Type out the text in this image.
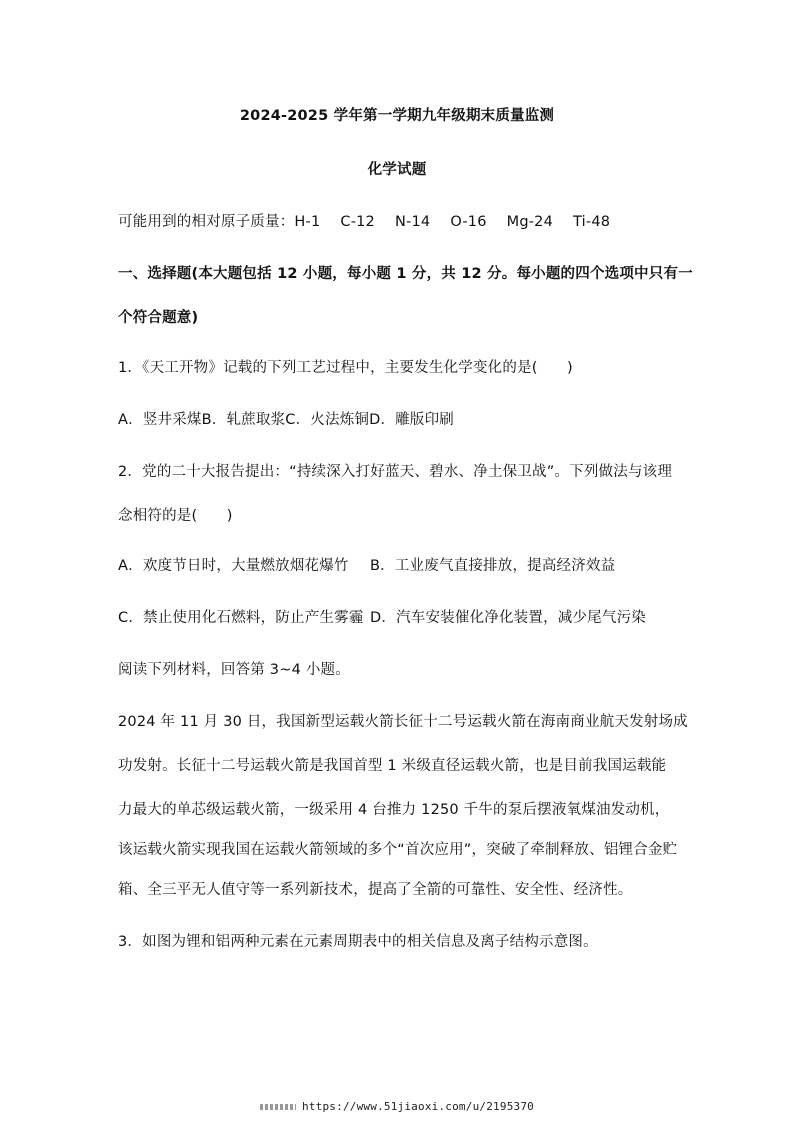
2024-2025 学年第一学期九年级期末质量监测
化学试题
可能用到的相对原子质量：H-1 C-12 N-14 O-16 Mg-24 Ti-48
一、选择题(本大题包括 12 小题，每小题 1 分，共 12 分。每小题的四个选项中只有一
个符合题意)
1．《天工开物》记载的下列工艺过程中，主要发生化学变化的是(　　)
A．竖井采煤B．轧蔗取浆C．火法炼铜D．雕版印刷
2．党的二十大报告提出：“持续深入打好蓝天、碧水、净土保卫战”。下列做法与该理
念相符的是(　　)
A．欢度节日时，大量燃放烟花爆竹 B．工业废气直接排放，提高经济效益
C．禁止使用化石燃料，防止产生雾霾 D．汽车安装催化净化装置，减少尾气污染
阅读下列材料，回答第 3~4 小题。
2024 年 11 月 30 日，我国新型运载火箭长征十二号运载火箭在海南商业航天发射场成
功发射。长征十二号运载火箭是我国首型 1 米级直径运载火箭，也是目前我国运载能
力最大的单芯级运载火箭，一级采用 4 台推力 1250 千牛的泵后摆液氧煤油发动机，
该运载火箭实现我国在运载火箭领域的多个“首次应用”，突破了牵制释放、铝锂合金贮
箱、全三平无人值守等一系列新技术，提高了全箭的可靠性、安全性、经济性。
3．如图为锂和铝两种元素在元素周期表中的相关信息及离子结构示意图。
https://www.51jiaoxi.com/u/2195370
